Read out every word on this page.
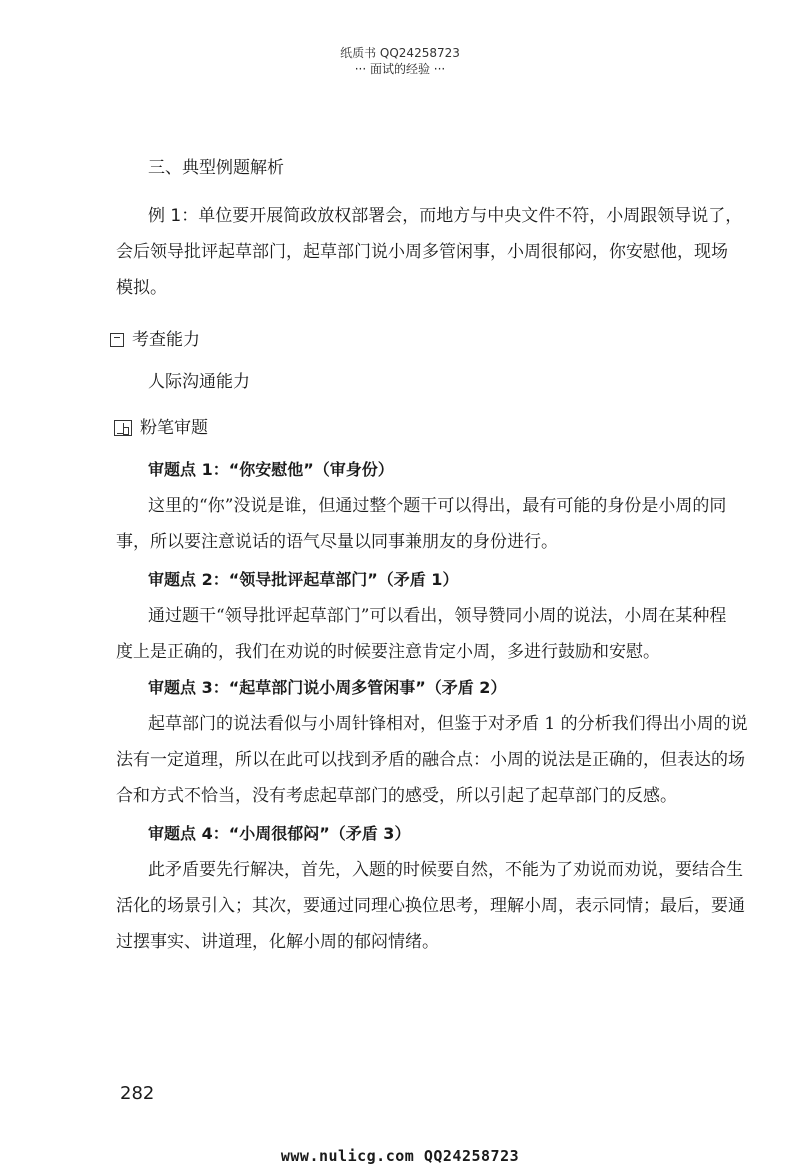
纸质书 QQ24258723
··· 面试的经验 ···
三、典型例题解析
例 1：单位要开展简政放权部署会，而地方与中央文件不符，小周跟领导说了，
会后领导批评起草部门，起草部门说小周多管闲事，小周很郁闷，你安慰他，现场
模拟。
考查能力
人际沟通能力
粉笔审题
审题点 1：“你安慰他”（审身份）
这里的“你”没说是谁，但通过整个题干可以得出，最有可能的身份是小周的同
事，所以要注意说话的语气尽量以同事兼朋友的身份进行。
审题点 2：“领导批评起草部门”（矛盾 1）
通过题干“领导批评起草部门”可以看出，领导赞同小周的说法，小周在某种程
度上是正确的，我们在劝说的时候要注意肯定小周，多进行鼓励和安慰。
审题点 3：“起草部门说小周多管闲事”（矛盾 2）
起草部门的说法看似与小周针锋相对，但鉴于对矛盾 1 的分析我们得出小周的说
法有一定道理，所以在此可以找到矛盾的融合点：小周的说法是正确的，但表达的场
合和方式不恰当，没有考虑起草部门的感受，所以引起了起草部门的反感。
审题点 4：“小周很郁闷”（矛盾 3）
此矛盾要先行解决，首先，入题的时候要自然，不能为了劝说而劝说，要结合生
活化的场景引入；其次，要通过同理心换位思考，理解小周，表示同情；最后，要通
过摆事实、讲道理，化解小周的郁闷情绪。
282
www.nulicg.com QQ24258723
